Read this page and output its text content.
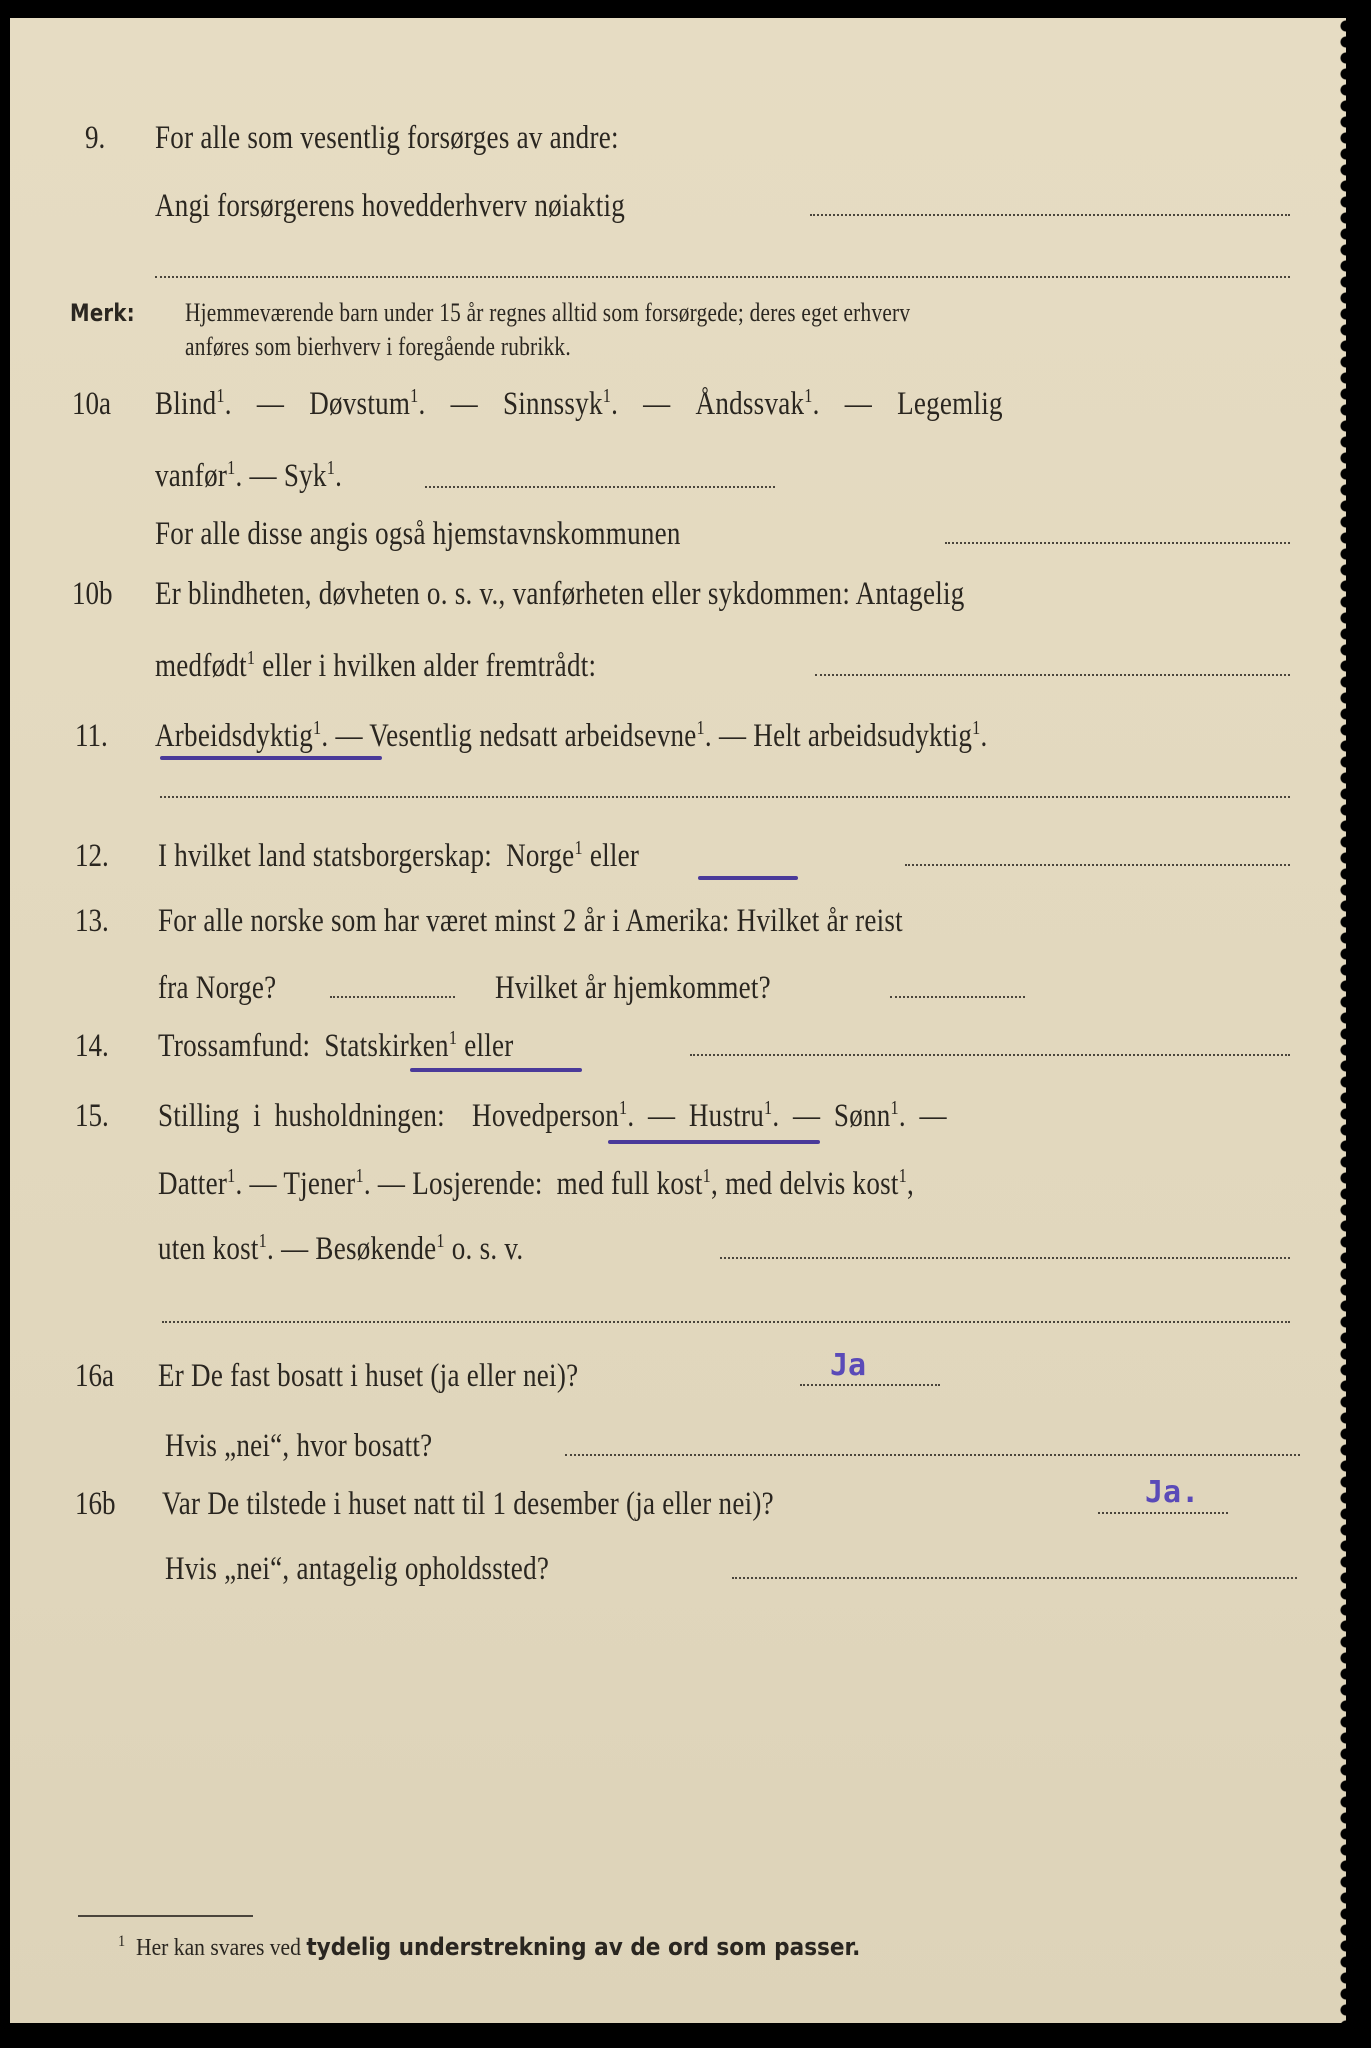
9. For alle som vesentlig forsørges av andre:
Angi forsørgerens hovedderhverv nøiaktig
Merk: Hjemmeværende barn under 15 år regnes alltid som forsørgede; deres eget erhverv
anføres som bierhverv i foregående rubrikk.
10a Blind$^1$. — Døvstum$^1$. — Sinnssyk$^1$. — Åndssvak$^1$. — Legemlig
vanfør$^1$. — Syk$^1$.
For alle disse angis også hjemstavnskommunen
10b Er blindheten, døvheten o. s. v., vanførheten eller sykdommen: Antagelig
medfødt$^1$ eller i hvilken alder fremtrådt:
11. Arbeidsdyktig$^1$. — Vesentlig nedsatt arbeidsevne$^1$. — Helt arbeidsudyktig$^1$.
12. I hvilket land statsborgerskap: Norge$^1$ eller
13. For alle norske som har været minst 2 år i Amerika: Hvilket år reist
fra Norge?	Hvilket år hjemkommet?
14. Trossamfund: Statskirken$^1$ eller
15. Stilling i husholdningen: Hovedperson$^1$. — Hustru$^1$. — Sønn$^1$. —
Datter$^1$. — Tjener$^1$. — Losjerende: med full kost$^1$, med delvis kost$^1$,
uten kost$^1$. — Besøkende$^1$ o. s. v.
16a Er De fast bosatt i huset (ja eller nei)?	Ja
Hvis „nei“, hvor bosatt?
16b Var De tilstede i huset natt til 1 desember (ja eller nei)?	Ja.
Hvis „nei“, antagelig opholdssted?
$^1$ Her kan svares ved tydelig understrekning av de ord som passer.
